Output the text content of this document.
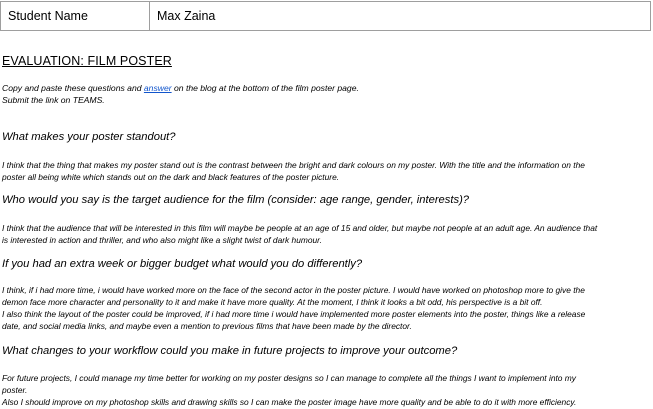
Student Name	Max Zaina
EVALUATION: FILM POSTER

Copy and paste these questions and answer on the blog at the bottom of the film poster page.
Submit the link on TEAMS.

What makes your poster standout?

I think that the thing that makes my poster stand out is the contrast between the bright and dark colours on my poster. With the title and the information on the
poster all being white which stands out on the dark and black features of the poster picture.

Who would you say is the target audience for the film (consider: age range, gender, interests)?

I think that the audience that will be interested in this film will maybe be people at an age of 15 and older, but maybe not people at an adult age. An audience that
is interested in action and thriller, and who also might like a slight twist of dark humour.

If you had an extra week or bigger budget what would you do differently?

I think, if i had more time, i would have worked more on the face of the second actor in the poster picture. I would have worked on photoshop more to give the
demon face more character and personality to it and make it have more quality. At the moment, I think it looks a bit odd, his perspective is a bit off.
I also think the layout of the poster could be improved, if i had more time i would have implemented more poster elements into the poster, things like a release
date, and social media links, and maybe even a mention to previous films that have been made by the director.

What changes to your workflow could you make in future projects to improve your outcome?

For future projects, I could manage my time better for working on my poster designs so I can manage to complete all the things I want to implement into my
poster.
Also I should improve on my photoshop skills and drawing skills so I can make the poster image have more quality and be able to do it with more efficiency.
